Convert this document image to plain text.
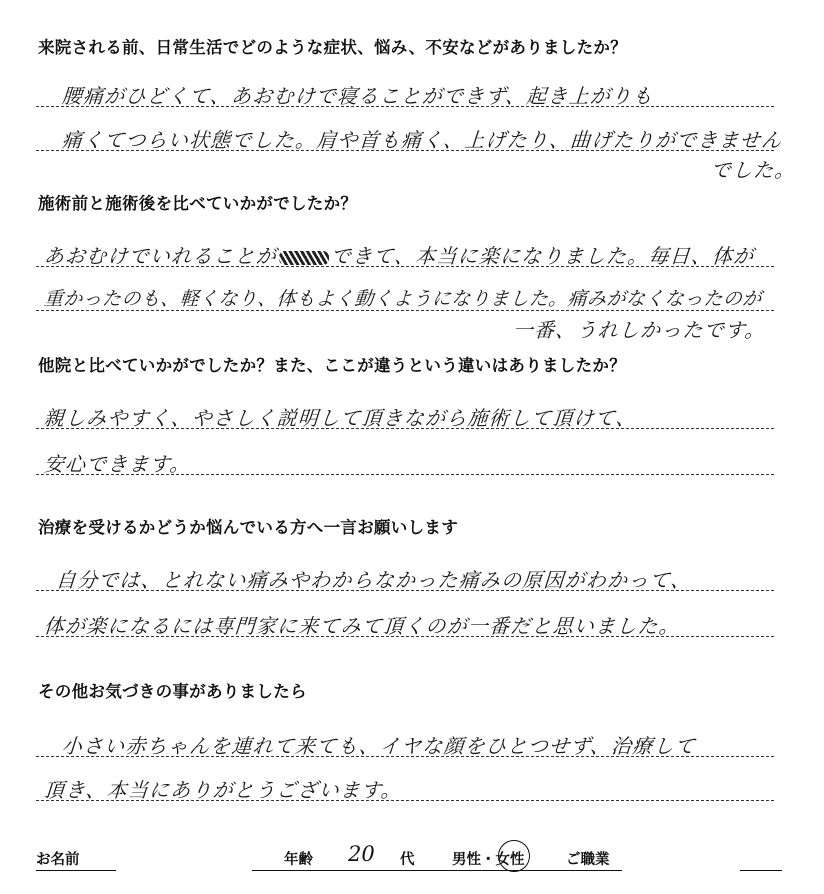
来院される前、日常生活でどのような症状、悩み、不安などがありましたか？
腰痛がひどくて、あおむけで寝ることができず、起き上がりも
痛くてつらい状態でした。肩や首も痛く、上げたり、曲げたりができません
でした。
施術前と施術後を比べていかがでしたか？
あおむけでいれることが	できて、本当に楽になりました。毎日、体が
重かったのも、軽くなり、体もよく動くようになりました。痛みがなくなったのが
一番、うれしかったです。
他院と比べていかがでしたか？また、ここが違うという違いはありましたか？
親しみやすく、やさしく説明して頂きながら施術して頂けて、
安心できます。
治療を受けるかどうか悩んでいる方へ一言お願いします
自分では、とれない痛みやわからなかった痛みの原因がわかって、
体が楽になるには専門家に来てみて頂くのが一番だと思いました。
その他お気づきの事がありましたら
小さい赤ちゃんを連れて来ても、イヤな顔をひとつせず、治療して
頂き、本当にありがとうございます。
お名前	年齢 20 代	男性・女性	ご職業
